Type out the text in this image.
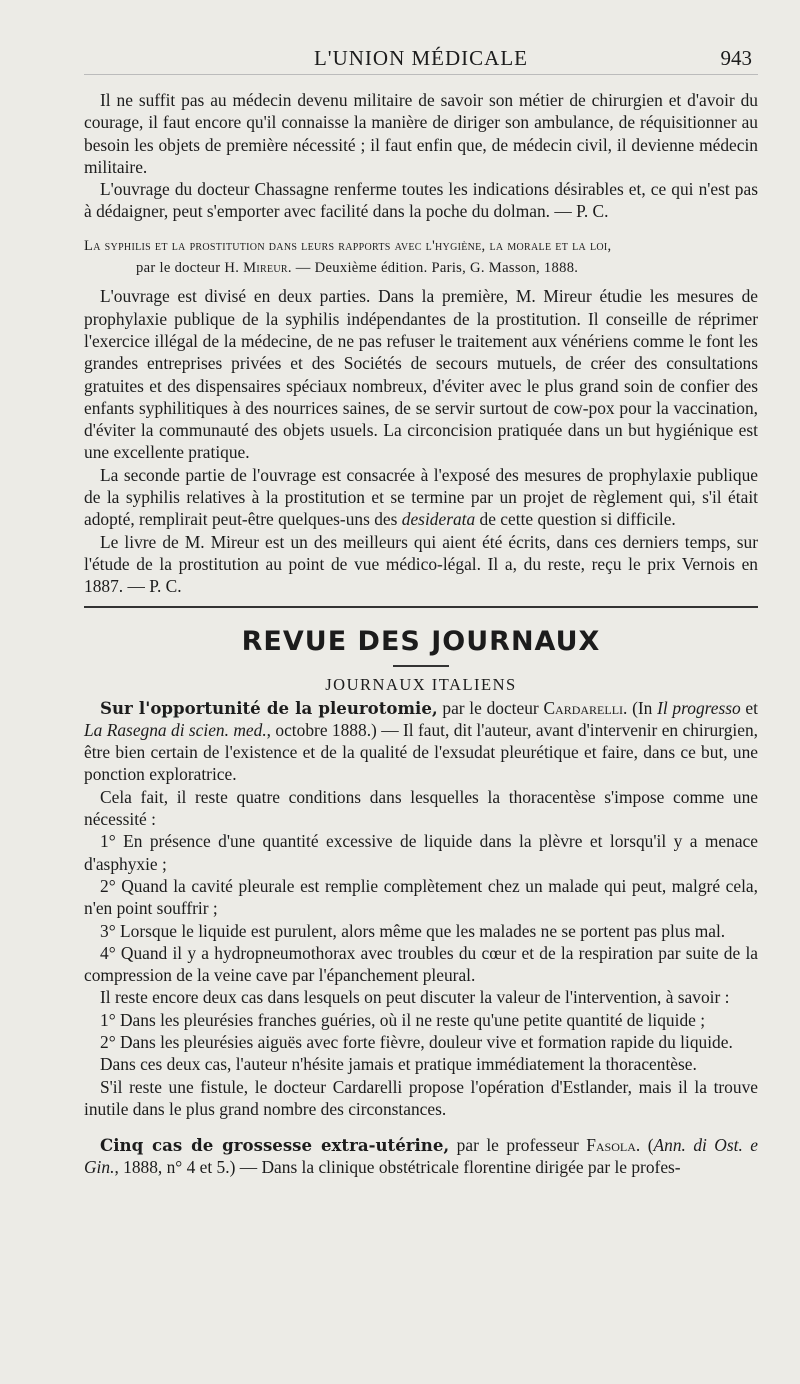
L'UNION MÉDICALE	943

Il ne suffit pas au médecin devenu militaire de savoir son métier de chirurgien et d'avoir du courage, il faut encore qu'il connaisse la manière de diriger son ambulance, de réquisitionner au besoin les objets de première nécessité ; il faut enfin que, de médecin civil, il devienne médecin militaire.

L'ouvrage du docteur Chassagne renferme toutes les indications désirables et, ce qui n'est pas à dédaigner, peut s'emporter avec facilité dans la poche du dolman. — P. C.

La syphilis et la prostitution dans leurs rapports avec l'hygiène, la morale et la loi,
par le docteur H. Mireur. — Deuxième édition. Paris, G. Masson, 1888.

L'ouvrage est divisé en deux parties. Dans la première, M. Mireur étudie les mesures de prophylaxie publique de la syphilis indépendantes de la prostitution. Il conseille de réprimer l'exercice illégal de la médecine, de ne pas refuser le traitement aux vénériens comme le font les grandes entreprises privées et des Sociétés de secours mutuels, de créer des consultations gratuites et des dispensaires spéciaux nombreux, d'éviter avec le plus grand soin de confier des enfants syphilitiques à des nourrices saines, de se servir surtout de cow-pox pour la vaccination, d'éviter la communauté des objets usuels. La circoncision pratiquée dans un but hygiénique est une excellente pratique.

La seconde partie de l'ouvrage est consacrée à l'exposé des mesures de prophylaxie publique de la syphilis relatives à la prostitution et se termine par un projet de règlement qui, s'il était adopté, remplirait peut-être quelques-uns des desiderata de cette question si difficile.

Le livre de M. Mireur est un des meilleurs qui aient été écrits, dans ces derniers temps, sur l'étude de la prostitution au point de vue médico-légal. Il a, du reste, reçu le prix Vernois en 1887. — P. C.

REVUE DES JOURNAUX
JOURNAUX ITALIENS

Sur l'opportunité de la pleurotomie, par le docteur Cardarelli. (In Il progresso et La Rasegna di scien. med., octobre 1888.) — Il faut, dit l'auteur, avant d'intervenir en chirurgien, être bien certain de l'existence et de la qualité de l'exsudat pleurétique et faire, dans ce but, une ponction exploratrice.

Cela fait, il reste quatre conditions dans lesquelles la thoracentèse s'impose comme une nécessité :

1° En présence d'une quantité excessive de liquide dans la plèvre et lorsqu'il y a menace d'asphyxie ;

2° Quand la cavité pleurale est remplie complètement chez un malade qui peut, malgré cela, n'en point souffrir ;

3° Lorsque le liquide est purulent, alors même que les malades ne se portent pas plus mal.

4° Quand il y a hydropneumothorax avec troubles du cœur et de la respiration par suite de la compression de la veine cave par l'épanchement pleural.

Il reste encore deux cas dans lesquels on peut discuter la valeur de l'intervention, à savoir :

1° Dans les pleurésies franches guéries, où il ne reste qu'une petite quantité de liquide ;

2° Dans les pleurésies aiguës avec forte fièvre, douleur vive et formation rapide du liquide.

Dans ces deux cas, l'auteur n'hésite jamais et pratique immédiatement la thoracentèse.

S'il reste une fistule, le docteur Cardarelli propose l'opération d'Estlander, mais il la trouve inutile dans le plus grand nombre des circonstances.

Cinq cas de grossesse extra-utérine, par le professeur Fasola. (Ann. di Ost. e Gin., 1888, n° 4 et 5.) — Dans la clinique obstétricale florentine dirigée par le profes-
